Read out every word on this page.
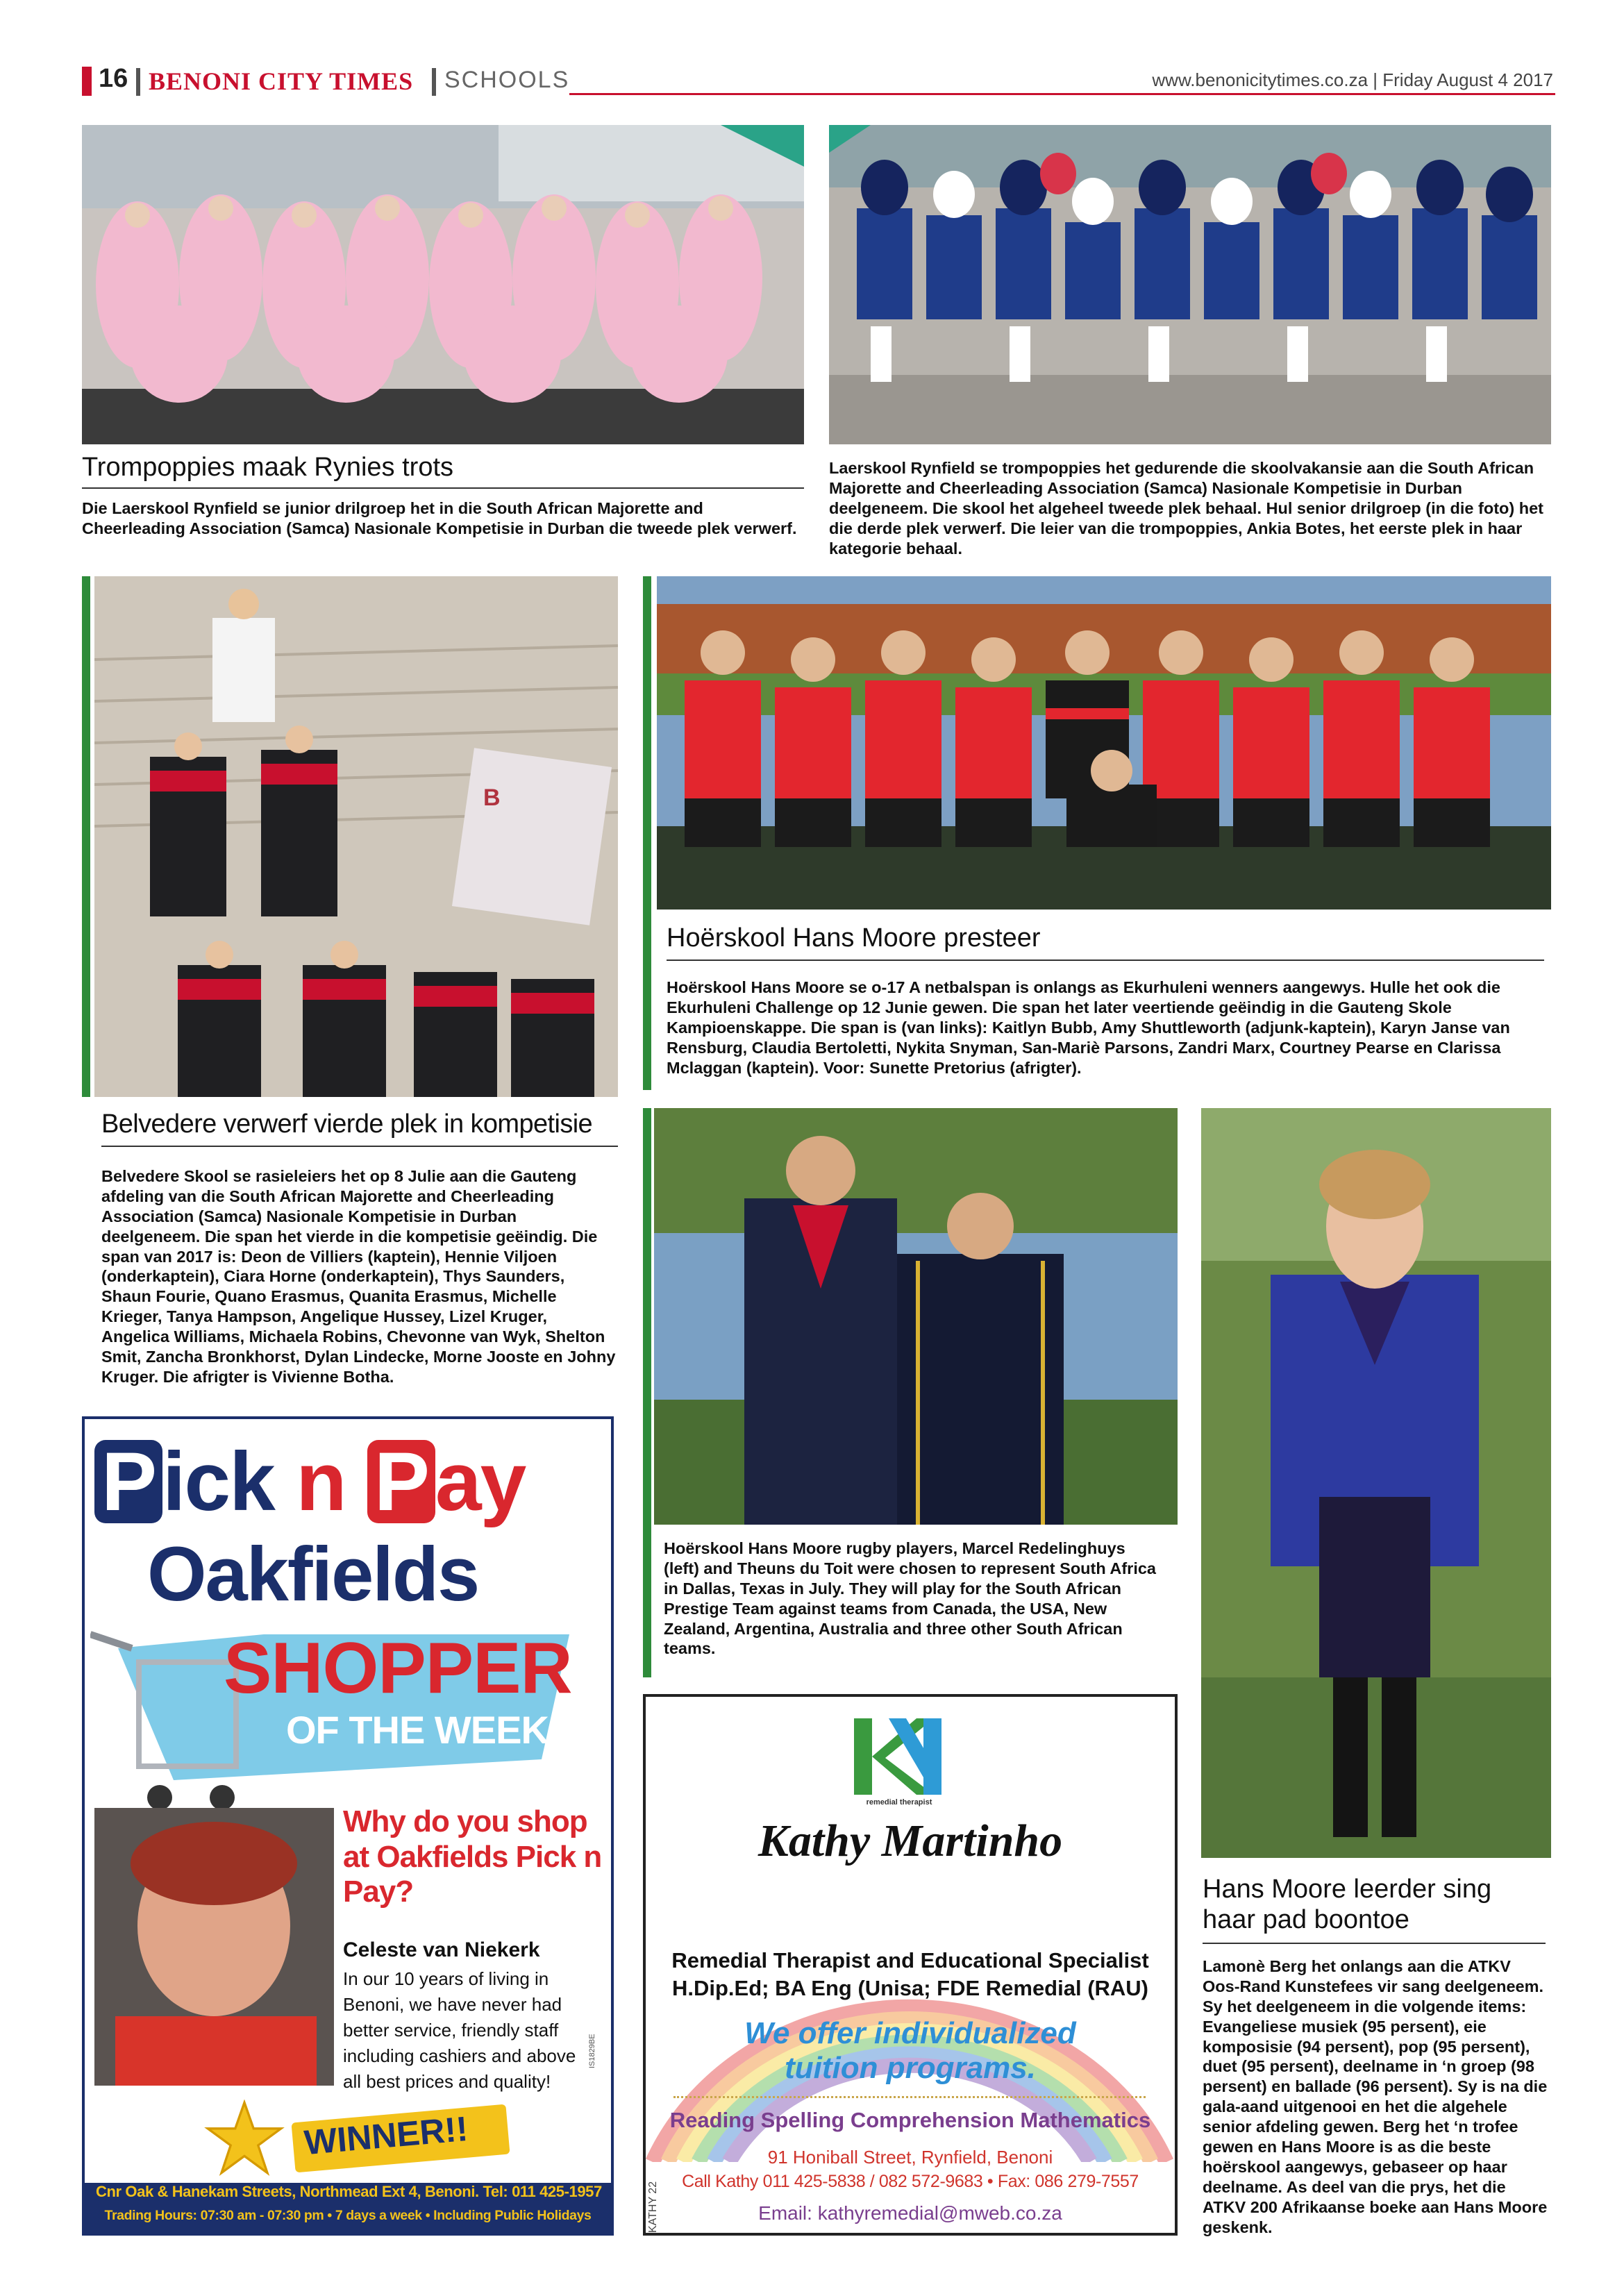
16 BENONI CITY TIMES SCHOOLS	www.benonicitytimes.co.za | Friday August 4 2017
Trompoppies maak Rynies trots
Die Laerskool Rynfield se junior drilgroep het in die South African Majorette and Cheerleading Association (Samca) Nasionale Kompetisie in Durban die tweede plek verwerf.
Laerskool Rynfield se trompoppies het gedurende die skoolvakansie aan die South African Majorette and Cheerleading Association (Samca) Nasionale Kompetisie in Durban deelgeneem. Die skool het algeheel tweede plek behaal. Hul senior drilgroep (in die foto) het die derde plek verwerf. Die leier van die trompoppies, Ankia Botes, het eerste plek in haar kategorie behaal.
B
Belvedere verwerf vierde plek in kompetisie
Belvedere Skool se rasieleiers het op 8 Julie aan die Gauteng afdeling van die South African Majorette and Cheerleading Association (Samca) Nasionale Kompetisie in Durban deelgeneem. Die span het vierde in die kompetisie geëindig. Die span van 2017 is: Deon de Villiers (kaptein), Hennie Viljoen (onderkaptein), Ciara Horne (onderkaptein), Thys Saunders, Shaun Fourie, Quano Erasmus, Quanita Erasmus, Michelle Krieger, Tanya Hampson, Angelique Hussey, Lizel Kruger, Angelica Williams, Michaela Robins, Chevonne van Wyk, Shelton Smit, Zancha Bronkhorst, Dylan Lindecke, Morne Jooste en Johny Kruger. Die afrigter is Vivienne Botha.
Hoërskool Hans Moore presteer
Hoërskool Hans Moore se o-17 A netbalspan is onlangs as Ekurhuleni wenners aangewys. Hulle het ook die Ekurhuleni Challenge op 12 Junie gewen. Die span het later veertiende geëindig in die Gauteng Skole Kampioenskappe. Die span is (van links): Kaitlyn Bubb, Amy Shuttleworth (adjunk-kaptein), Karyn Janse van Rensburg, Claudia Bertoletti, Nykita Snyman, San-Mariè Parsons, Zandri Marx, Courtney Pearse en Clarissa Mclaggan (kaptein). Voor: Sunette Pretorius (afrigter).
Hoërskool Hans Moore rugby players, Marcel Redelinghuys (left) and Theuns du Toit were chosen to represent South Africa in Dallas, Texas in July. They will play for the South African Prestige Team against teams from Canada, the USA, New Zealand, Argentina, Australia and three other South African teams.
Hans Moore leerder sing haar pad boontoe
Lamonè Berg het onlangs aan die ATKV Oos-Rand Kunstefees vir sang deelgeneem. Sy het deelgeneem in die volgende items: Evangeliese musiek (95 persent), eie komposisie (94 persent), pop (95 persent), duet (95 persent), deelname in ‘n groep (98 persent) en ballade (96 persent). Sy is na die gala-aand uitgenooi en het die algehele senior afdeling gewen. Berg het ‘n trofee gewen en Hans Moore is as die beste hoërskool aangewys, gebaseer op haar deelname. As deel van die prys, het die ATKV 200 Afrikaanse boeke aan Hans Moore geskenk.
Pick n Pay
Oakfields
SHOPPER
OF THE WEEK!
Why do you shop at Oakfields Pick n Pay?
Celeste van Niekerk
In our 10 years of living in Benoni, we have never had better service, friendly staff including cashiers and above all best prices and quality!
IS1829BE
WINNER!!
Cnr Oak & Hanekam Streets, Northmead Ext 4, Benoni. Tel: 011 425-1957
Trading Hours: 07:30 am - 07:30 pm • 7 days a week • Including Public Holidays
remedial therapist
Kathy Martinho
Remedial Therapist and Educational Specialist
H.Dip.Ed; BA Eng (Unisa; FDE Remedial (RAU)
We offer individualized
tuition programs.
Reading Spelling Comprehension Mathematics
91 Honiball Street, Rynfield, Benoni
Call Kathy 011 425-5838 / 082 572-9683 • Fax: 086 279-7557
Email: kathyremedial@mweb.co.za
KATHY 22
